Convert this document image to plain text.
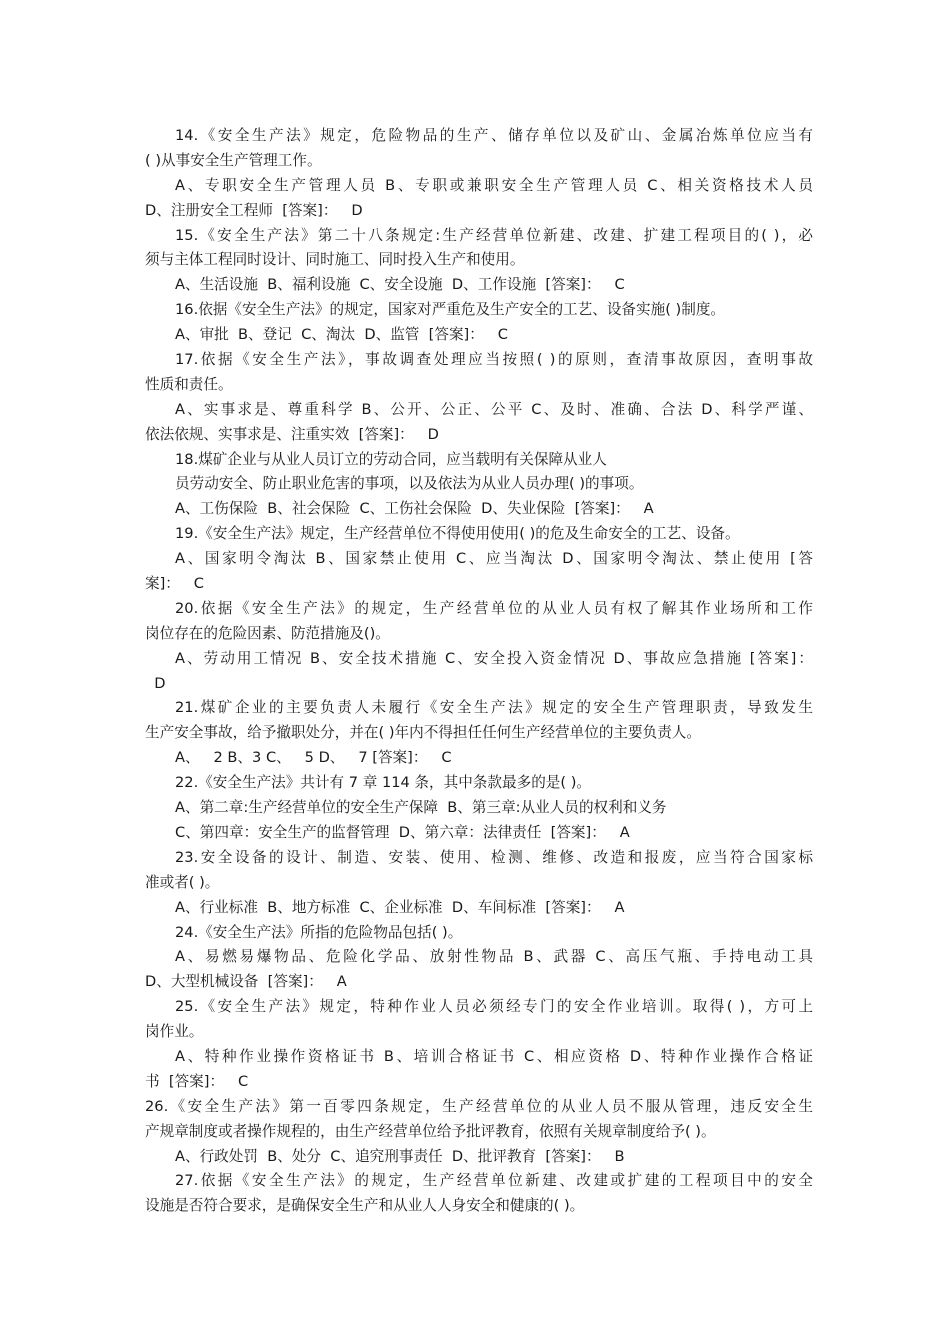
14.《安全生产法》规定，危险物品的生产、储存单位以及矿山、金属冶炼单位应当有
( )从事安全生产管理工作。
A、专职安全生产管理人员 B、专职或兼职安全生产管理人员 C、相关资格技术人员
D、注册安全工程师  [答案]：   D
15.《安全生产法》第二十八条规定:生产经营单位新建、改建、扩建工程项目的( )，必
须与主体工程同时设计、同时施工、同时投入生产和使用。
A、生活设施  B、福利设施  C、安全设施  D、工作设施  [答案]：   C
16.依据《安全生产法》的规定，国家对严重危及生产安全的工艺、设备实施( )制度。
A、审批  B、登记  C、淘汰  D、监管  [答案]：   C
17.依据《安全生产法》，事故调查处理应当按照( )的原则，查清事故原因，查明事故
性质和责任。
A、实事求是、尊重科学 B、公开、公正、公平 C、及时、准确、合法 D、科学严谨、
依法依规、实事求是、注重实效  [答案]：   D
18.煤矿企业与从业人员订立的劳动合同，应当载明有关保障从业人
员劳动安全、防止职业危害的事项，以及依法为从业人员办理( )的事项。
A、工伤保险  B、社会保险  C、工伤社会保险  D、失业保险  [答案]：   A
19.《安全生产法》规定，生产经营单位不得使用使用( )的危及生命安全的工艺、设备。
A、国家明令淘汰 B、国家禁止使用 C、应当淘汰 D、国家明令淘汰、禁止使用 [答
案]：   C
20.依据《安全生产法》的规定，生产经营单位的从业人员有权了解其作业场所和工作
岗位存在的危险因素、防范措施及()。
A、劳动用工情况 B、安全技术措施 C、安全投入资金情况 D、事故应急措施 [答案]：
D
21.煤矿企业的主要负责人未履行《安全生产法》规定的安全生产管理职责，导致发生
生产安全事故，给予撤职处分，并在( )年内不得担任任何生产经营单位的主要负责人。
A、   2 B、3 C、   5 D、   7 [答案]：   C
22.《安全生产法》共计有 7 章 114 条，其中条款最多的是( )。
A、第二章:生产经营单位的安全生产保障  B、第三章:从业人员的权利和义务
C、第四章：安全生产的监督管理  D、第六章：法律责任  [答案]：   A
23.安全设备的设计、制造、安装、使用、检测、维修、改造和报废，应当符合国家标
准或者( )。
A、行业标准  B、地方标准  C、企业标准  D、车间标准  [答案]：   A
24.《安全生产法》所指的危险物品包括( )。
A、易燃易爆物品、危险化学品、放射性物品 B、武器 C、高压气瓶、手持电动工具
D、大型机械设备  [答案]：   A
25.《安全生产法》规定，特种作业人员必须经专门的安全作业培训。取得( )，方可上
岗作业。
A、特种作业操作资格证书 B、培训合格证书 C、相应资格 D、特种作业操作合格证
书  [答案]：   C
26.《安全生产法》第一百零四条规定，生产经营单位的从业人员不服从管理，违反安全生
产规章制度或者操作规程的，由生产经营单位给予批评教育，依照有关规章制度给予( )。
A、行政处罚  B、处分  C、追究刑事责任  D、批评教育  [答案]：   B
27.依据《安全生产法》的规定，生产经营单位新建、改建或扩建的工程项目中的安全
设施是否符合要求，是确保安全生产和从业人人身安全和健康的( )。
